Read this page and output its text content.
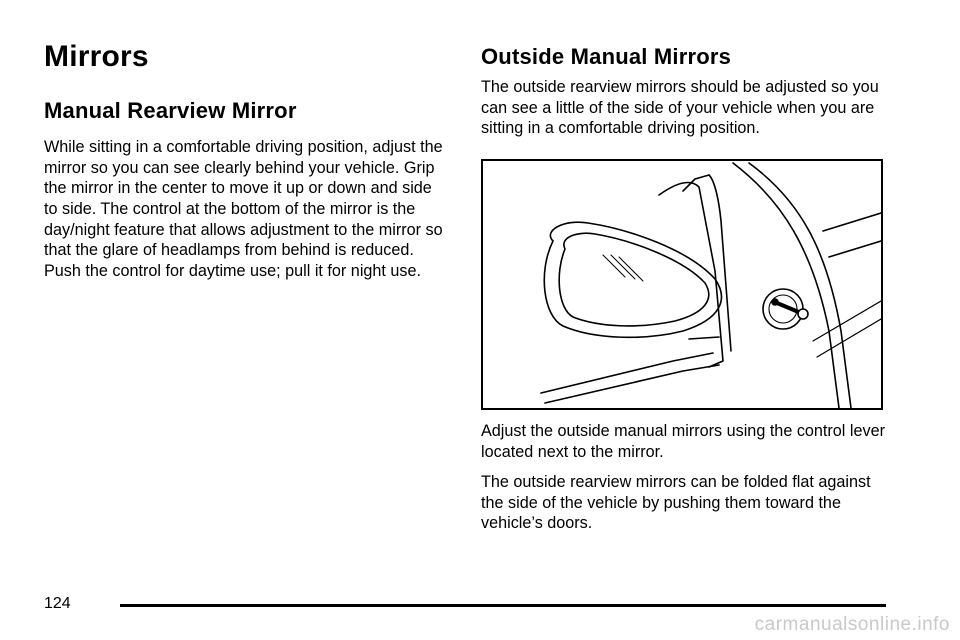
Mirrors
Manual Rearview Mirror

While sitting in a comfortable driving position, adjust the mirror so you can see clearly behind your vehicle. Grip the mirror in the center to move it up or down and side to side. The control at the bottom of the mirror is the day/night feature that allows adjustment to the mirror so that the glare of headlamps from behind is reduced. Push the control for daytime use; pull it for night use.

Outside Manual Mirrors

The outside rearview mirrors should be adjusted so you can see a little of the side of your vehicle when you are sitting in a comfortable driving position.

Adjust the outside manual mirrors using the control lever located next to the mirror.

The outside rearview mirrors can be folded flat against the side of the vehicle by pushing them toward the vehicle’s doors.

124
carmanualsonline.info
